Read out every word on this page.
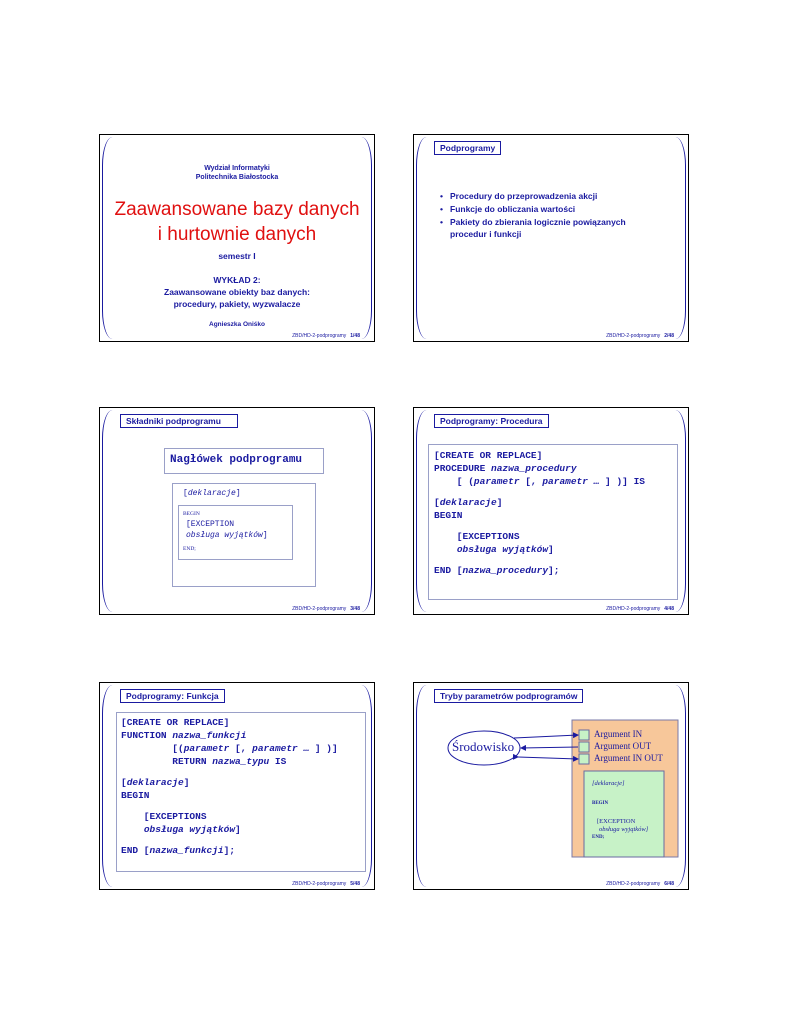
Wydział Informatyki
Politechnika Białostocka
Zaawansowane bazy danych
i hurtownie danych
semestr I
WYKŁAD 2:
Zaawansowane obiekty baz danych:
procedury, pakiety, wyzwalacze
Agnieszka Oniśko
ZBD/HD-2-podprogramy 1/48
Podprogramy
• Procedury do przeprowadzenia akcji
• Funkcje do obliczania wartości
• Pakiety do zbierania logicznie powiązanych
procedur i funkcji
ZBD/HD-2-podprogramy 2/48
Składniki podprogramu
Nagłówek podprogramu
[deklaracje]
BEGIN
[EXCEPTION
obsługa wyjątków]
END;
ZBD/HD-2-podprogramy 3/48
Podprogramy: Procedura
[CREATE OR REPLACE]
PROCEDURE nazwa_procedury
[ (parametr [, parametr … ] )] IS
[deklaracje]
BEGIN
[EXCEPTIONS
obsługa wyjątków]
END [nazwa_procedury];
ZBD/HD-2-podprogramy 4/48
Podprogramy: Funkcja
[CREATE OR REPLACE]
FUNCTION nazwa_funkcji
[(parametr [, parametr … ] )]
RETURN nazwa_typu IS
[deklaracje]
BEGIN
[EXCEPTIONS
obsługa wyjątków]
END [nazwa_funkcji];
ZBD/HD-2-podprogramy 5/48
Tryby parametrów podprogramów
Środowisko
Argument IN
Argument OUT
Argument IN OUT
[deklaracje]
BEGIN
[EXCEPTION
obsługa wyjątków]
END;
ZBD/HD-2-podprogramy 6/48
